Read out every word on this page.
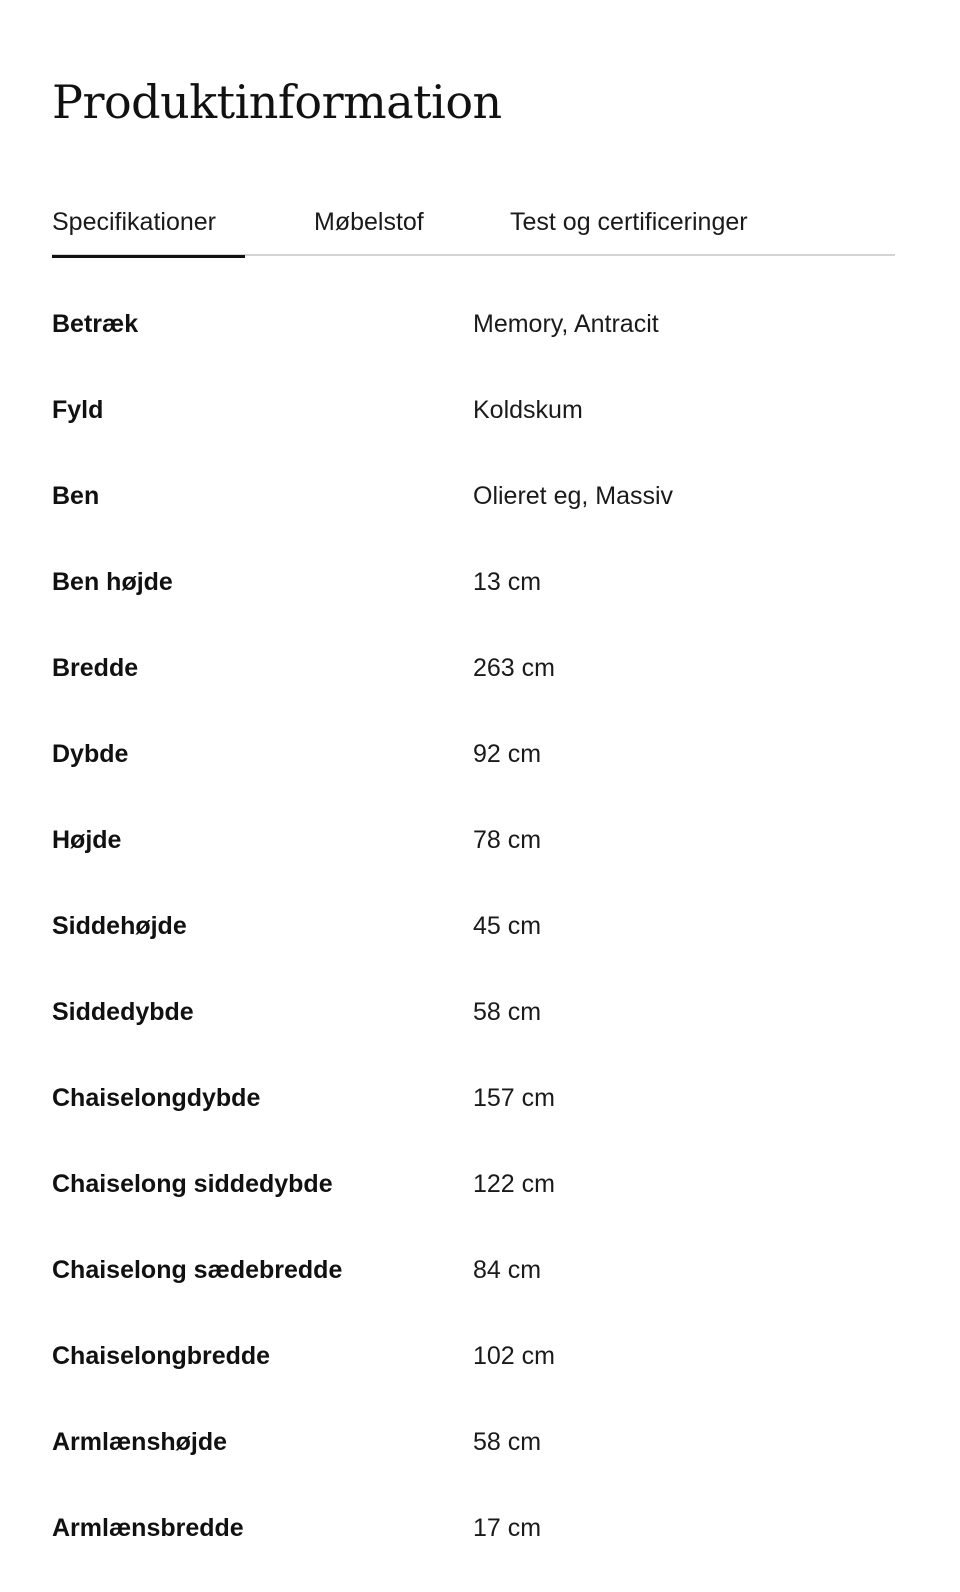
Produktinformation
Specifikationer	Møbelstof	Test og certificeringer
Betræk	Memory, Antracit
Fyld	Koldskum
Ben	Olieret eg, Massiv
Ben højde	13 cm
Bredde	263 cm
Dybde	92 cm
Højde	78 cm
Siddehøjde	45 cm
Siddedybde	58 cm
Chaiselongdybde	157 cm
Chaiselong siddedybde	122 cm
Chaiselong sædebredde	84 cm
Chaiselongbredde	102 cm
Armlænshøjde	58 cm
Armlænsbredde	17 cm
